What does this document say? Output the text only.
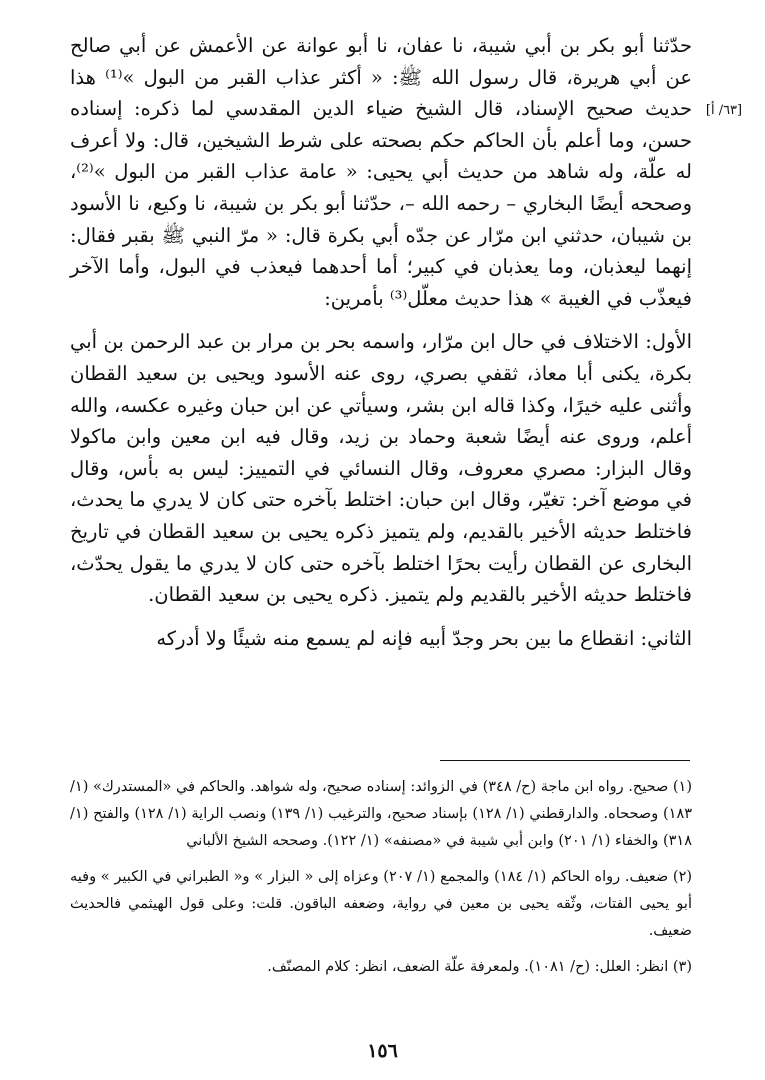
[٦٣/ أ]

حدّثنا أبو بكر بن أبي شيبة، نا عفان، نا أبو عوانة عن الأعمش عن أبي صالح عن أبي هريرة، قال رسول الله ﷺ: « أكثر عذاب القبر من البول »⁽¹⁾ هذا حديث صحيح الإسناد، قال الشيخ ضياء الدين المقدسي لما ذكره: إسناده حسن، وما أعلم بأن الحاكم حكم بصحته على شرط الشيخين، قال: ولا أعرف له علّة، وله شاهد من حديث أبي يحيى: « عامة عذاب القبر من البول »⁽²⁾، وصححه أيضًا البخاري – رحمه الله –، حدّثنا أبو بكر بن شيبة، نا وكيع، نا الأسود بن شيبان، حدثني ابن مرّار عن جدّه أبي بكرة قال: « مرّ النبي ﷺ بقبر فقال: إنهما ليعذبان، وما يعذبان في كبير؛ أما أحدهما فيعذب في البول، وأما الآخر فيعذّب في الغيبة » هذا حديث معلّل⁽³⁾ بأمرين:

الأول: الاختلاف في حال ابن مرّار، واسمه بحر بن مرار بن عبد الرحمن بن أبي بكرة، يكنى أبا معاذ، ثقفي بصري، روى عنه الأسود ويحيى بن سعيد القطان وأثنى عليه خيرًا، وكذا قاله ابن بشر، وسيأتي عن ابن حبان وغيره عكسه، والله أعلم، وروى عنه أيضًا شعبة وحماد بن زيد، وقال فيه ابن معين وابن ماكولا وقال البزار: مصري معروف، وقال النسائي في التمييز: ليس به بأس، وقال في موضع آخر: تغيّر، وقال ابن حبان: اختلط بآخره حتى كان لا يدري ما يحدث، فاختلط حديثه الأخير بالقديم، ولم يتميز ذكره يحيى بن سعيد القطان في تاريخ البخارى عن القطان رأيت بحرًا اختلط بآخره حتى كان لا يدري ما يقول يحدّث، فاختلط حديثه الأخير بالقديم ولم يتميز. ذكره يحيى بن سعيد القطان.

الثاني: انقطاع ما بين بحر وجدّ أبيه فإنه لم يسمع منه شيئًا ولا أدركه

(١) صحيح. رواه ابن ماجة (ح/ ٣٤٨) في الزوائد: إسناده صحيح، وله شواهد. والحاكم في «المستدرك» (١/ ١٨٣) وصححاه. والدارقطني (١/ ١٢٨) بإسناد صحيح، والترغيب (١/ ١٣٩) ونصب الراية (١/ ١٢٨) والفتح (١/ ٣١٨) والخفاء (١/ ٢٠١) وابن أبي شيبة في «مصنفه» (١/ ١٢٢). وصححه الشيخ الألباني

(٢) ضعيف. رواه الحاكم (١/ ١٨٤) والمجمع (١/ ٢٠٧) وعزاه إلى « البزار » و« الطبراني في الكبير » وفيه أبو يحيى الفتات، وثّقه يحيى بن معين في رواية، وضعفه الباقون. قلت: وعلى قول الهيثمي فالحديث ضعيف.

(٣) انظر: العلل: (ح/ ١٠٨١). ولمعرفة علّة الضعف، انظر: كلام المصنّف.

١٥٦
